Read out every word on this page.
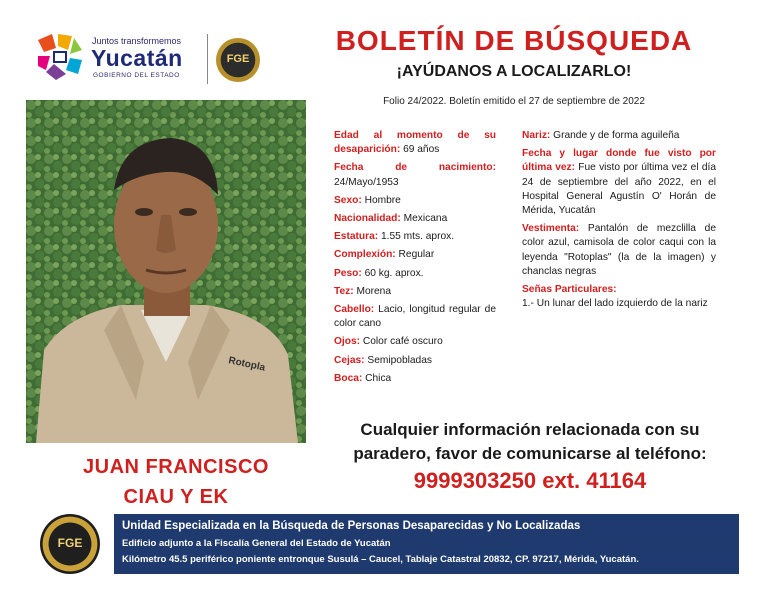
Juntos transformemos
Yucatán
GOBIERNO DEL ESTADO
FGE
BOLETÍN DE BÚSQUEDA
¡AYÚDANOS A LOCALIZARLO!
Folio 24/2022. Boletín emitido el 27 de septiembre de 2022
Rotopla
JUAN FRANCISCO
CIAU Y EK

Edad al momento de su desaparición: 69 años

Fecha de nacimiento: 24/Mayo/1953

Sexo: Hombre

Nacionalidad: Mexicana

Estatura: 1.55 mts. aprox.

Complexión: Regular

Peso: 60 kg. aprox.

Tez: Morena

Cabello: Lacio, longitud regular de color cano

Ojos: Color café oscuro

Cejas: Semipobladas

Boca: Chica

Nariz: Grande y de forma aguileña

Fecha y lugar donde fue visto por última vez: Fue visto por última vez el día 24 de septiembre del año 2022, en el Hospital General Agustín O' Horán de Mérida, Yucatán

Vestimenta: Pantalón de mezclilla de color azul, camisola de color caqui con la leyenda "Rotoplas" (la de la imagen) y chanclas negras

Señas Particulares:
1.- Un lunar del lado izquierdo de la nariz

Cualquier información relacionada con su
paradero, favor de comunicarse al teléfono:
9999303250 ext. 41164
FGE
Unidad Especializada en la Búsqueda de Personas Desaparecidas y No Localizadas
Edificio adjunto a la Fiscalía General del Estado de Yucatán
Kilómetro 45.5 periférico poniente entronque Susulá – Caucel, Tablaje Catastral 20832, CP. 97217, Mérida, Yucatán.
